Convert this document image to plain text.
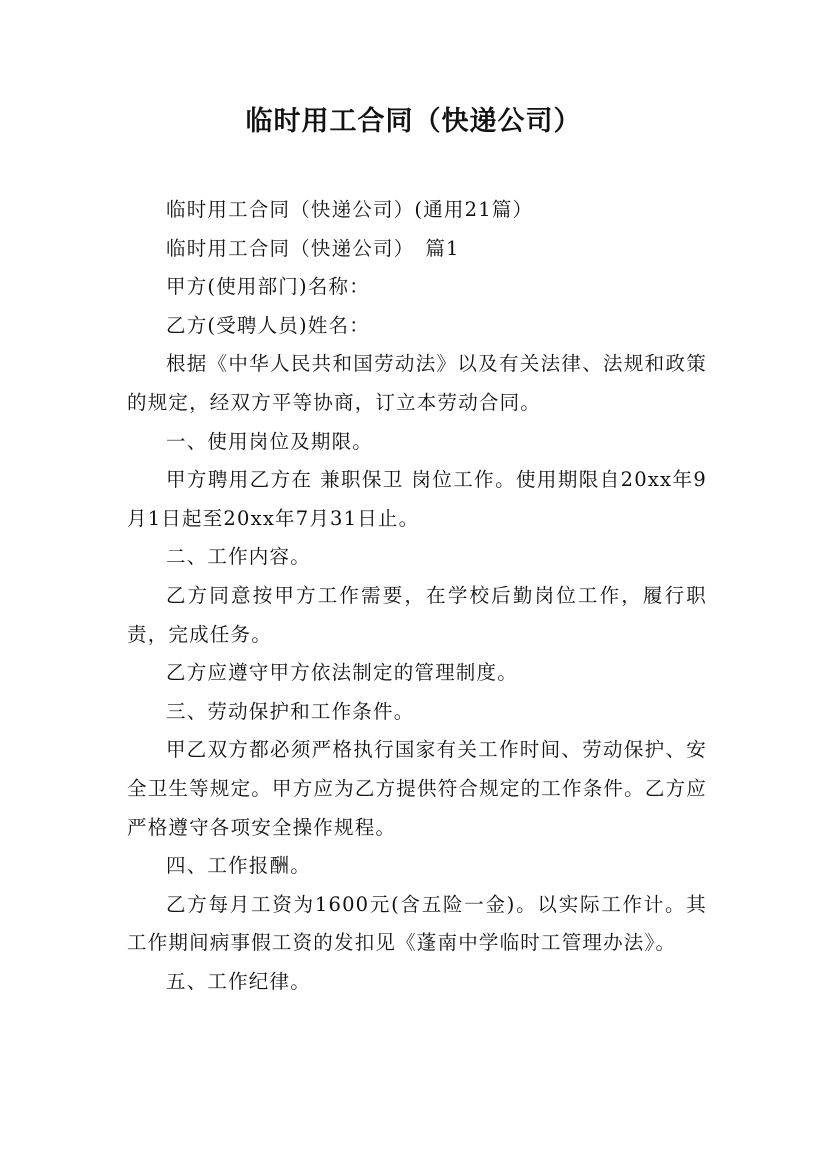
临时用工合同（快递公司）

临时用工合同（快递公司）(通用21篇）

临时用工合同（快递公司）　篇1

甲方(使用部门)名称：

乙方(受聘人员)姓名：

根据《中华人民共和国劳动法》以及有关法律、法规和政策的规定，经双方平等协商，订立本劳动合同。

一、使用岗位及期限。

甲方聘用乙方在 兼职保卫 岗位工作。使用期限自20xx年9月1日起至20xx年7月31日止。

二、工作内容。

乙方同意按甲方工作需要，在学校后勤岗位工作，履行职责，完成任务。

乙方应遵守甲方依法制定的管理制度。

三、劳动保护和工作条件。

甲乙双方都必须严格执行国家有关工作时间、劳动保护、安全卫生等规定。甲方应为乙方提供符合规定的工作条件。乙方应严格遵守各项安全操作规程。

四、工作报酬。

乙方每月工资为1600元(含五险一金)。以实际工作计。其工作期间病事假工资的发扣见《蓬南中学临时工管理办法》。

五、工作纪律。
